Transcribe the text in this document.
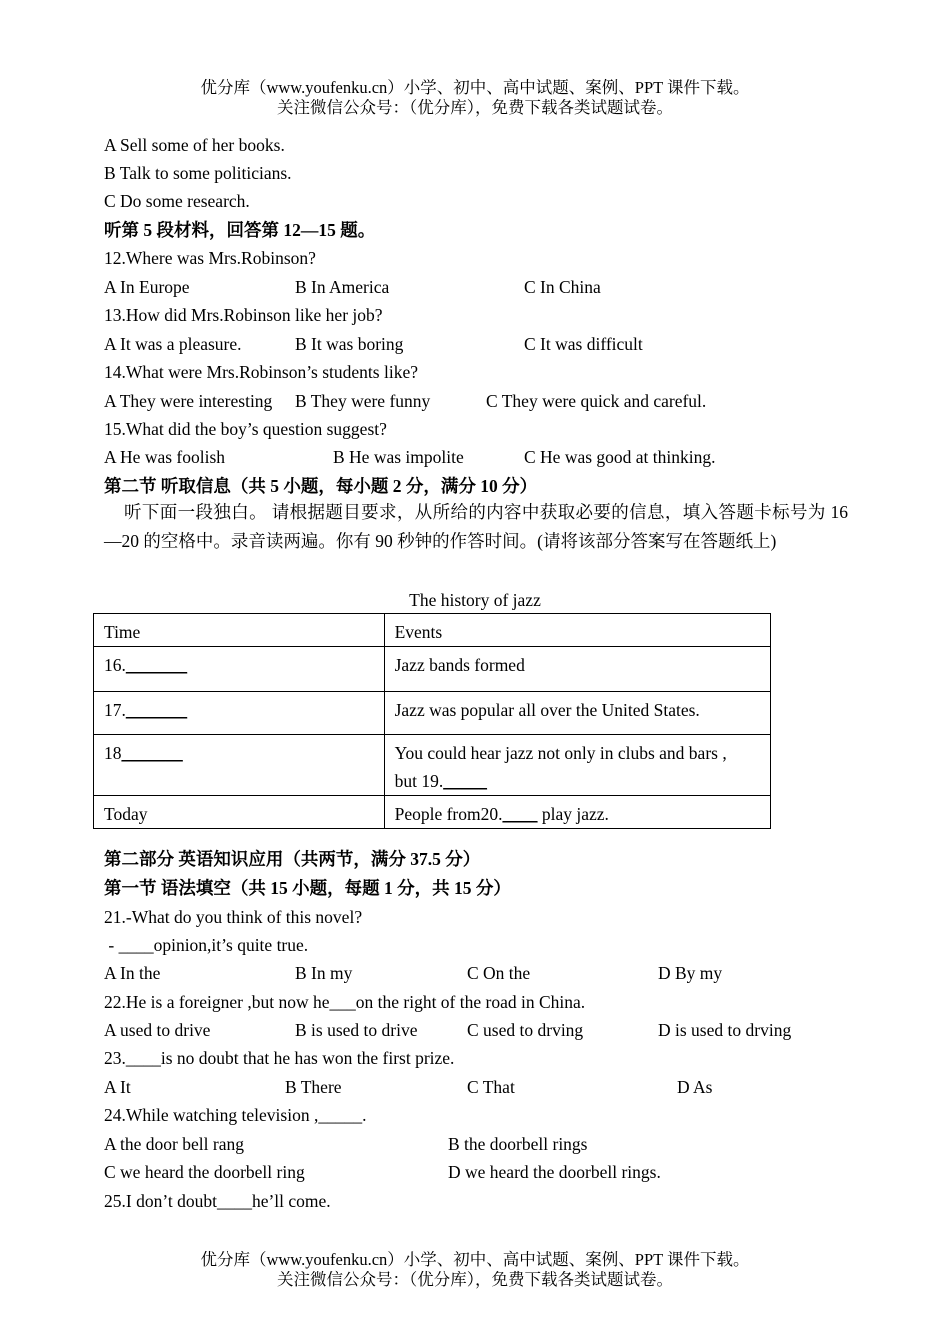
优分库（www.youfenku.cn）小学、初中、高中试题、案例、PPT 课件下载。
关注微信公众号：（优分库），免费下载各类试题试卷。
A Sell some of her books.
B Talk to some politicians.
C Do some research.
听第 5 段材料，回答第 12—15 题。
12.Where was Mrs.Robinson?
A In Europe	B In America	C In China
13.How did Mrs.Robinson like her job?
A It was a pleasure.	B It was boring	C It was difficult
14.What were Mrs.Robinson’s students like?
A They were interesting B They were funny	C They were quick and careful.
15.What did the boy’s question suggest?
A He was foolish	B He was impolite	C He was good at thinking.
第二节 听取信息（共 5 小题，每小题 2 分，满分 10 分）
听下面一段独白。 请根据题目要求，从所给的内容中获取必要的信息，填入答题卡标号为 16—20 的空格中。录音读两遍。你有 90 秒钟的作答时间。(请将该部分答案写在答题纸上)
The history of jazz
Time	Events
16._______	Jazz bands formed
17._______	Jazz was popular all over the United States.
18_______	You could hear jazz not only in clubs and bars ,
but 19._____
Today	People from20.____ play jazz.
第二部分 英语知识应用（共两节，满分 37.5 分）
第一节 语法填空（共 15 小题，每题 1 分，共 15 分）
21.-What do you think of this novel?
- ____opinion,it’s quite true.
A In the	B In my	C On the	D By my
22.He is a foreigner ,but now he___on the right of the road in China.
A used to drive	B is used to drive	C used to drving	D is used to drving
23.____is no doubt that he has won the first prize.
A It	B There	C That	D As
24.While watching television ,_____.
A the door bell rang	B the doorbell rings
C we heard the doorbell ring	D we heard the doorbell rings.
25.I don’t doubt____he’ll come.
优分库（www.youfenku.cn）小学、初中、高中试题、案例、PPT 课件下载。
关注微信公众号：（优分库），免费下载各类试题试卷。
